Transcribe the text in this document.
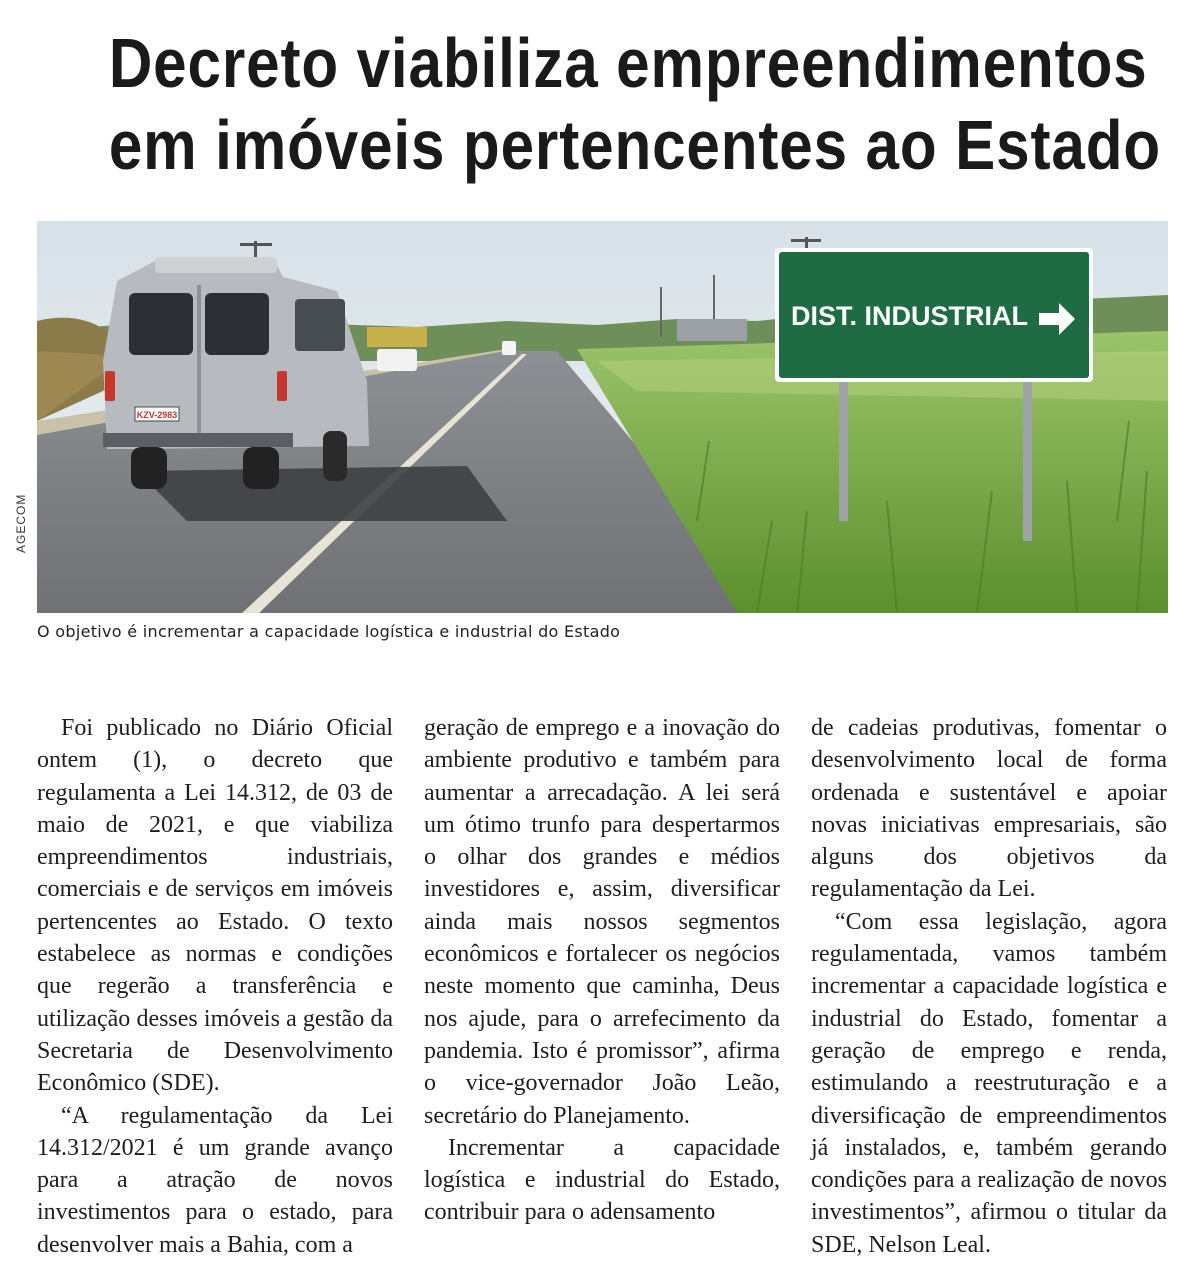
Decreto viabiliza empreendimentos
em imóveis pertencentes ao Estado
KZV-2983
DIST. INDUSTRIAL
AGECOM
O objetivo é incrementar a capacidade logística e industrial do Estado

Foi publicado no Diário Oficial ontem (1), o decreto que regulamenta a Lei 14.312, de 03 de maio de 2021, e que viabiliza empreendimentos industriais, comerciais e de serviços em imóveis pertencentes ao Estado. O texto estabelece as normas e condições que regerão a transferência e utilização desses imóveis a gestão da Secretaria de Desenvolvimento Econômico (SDE).

“A regulamentação da Lei 14.312/2021 é um grande avanço para a atração de novos investimentos para o estado, para desenvolver mais a Bahia, com a

geração de emprego e a inovação do ambiente produtivo e também para aumentar a arrecadação. A lei será um ótimo trunfo para despertarmos o olhar dos grandes e médios investidores e, assim, diversificar ainda mais nossos segmentos econômicos e fortalecer os negócios neste momento que caminha, Deus nos ajude, para o arrefecimento da pandemia. Isto é promissor”, afirma o vice-governador João Leão, secretário do Planejamento.

Incrementar a capacidade logística e industrial do Estado, contribuir para o adensamento

de cadeias produtivas, fomentar o desenvolvimento local de forma ordenada e sustentável e apoiar novas iniciativas empresariais, são alguns dos objetivos da regulamentação da Lei.

“Com essa legislação, agora regulamentada, vamos também incrementar a capacidade logística e industrial do Estado, fomentar a geração de emprego e renda, estimulando a reestruturação e a diversificação de empreendimentos já instalados, e, também gerando condições para a realização de novos investimentos”, afirmou o titular da SDE, Nelson Leal.
